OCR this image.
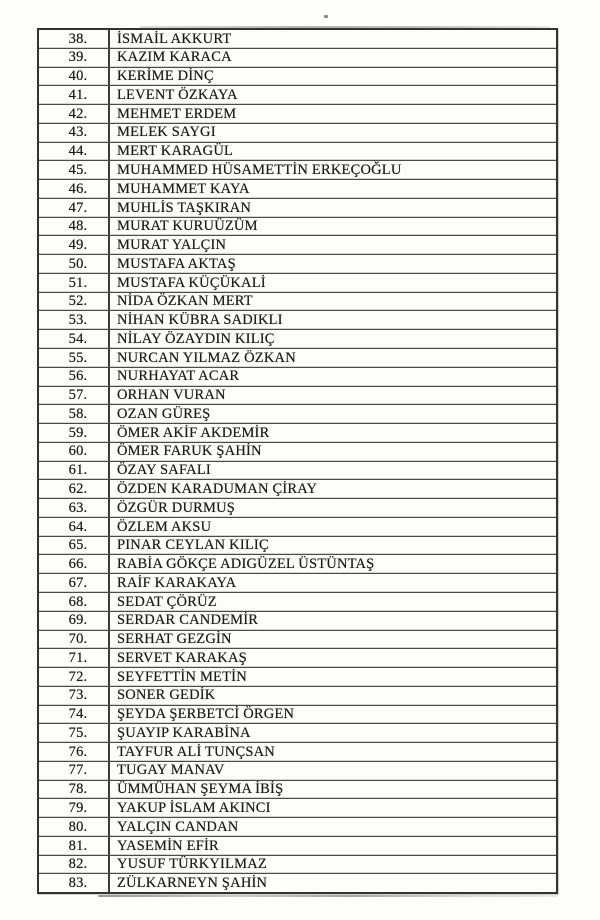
38.	İSMAİL AKKURT
39.	KAZIM KARACA
40.	KERİME DİNÇ
41.	LEVENT ÖZKAYA
42.	MEHMET ERDEM
43.	MELEK SAYGI
44.	MERT KARAGÜL
45.	MUHAMMED HÜSAMETTİN ERKEÇOĞLU
46.	MUHAMMET KAYA
47.	MUHLİS TAŞKIRAN
48.	MURAT KURUÜZÜM
49.	MURAT YALÇIN
50.	MUSTAFA AKTAŞ
51.	MUSTAFA KÜÇÜKALİ
52.	NİDA ÖZKAN MERT
53.	NİHAN KÜBRA SADIKLI
54.	NİLAY ÖZAYDIN KILIÇ
55.	NURCAN YILMAZ ÖZKAN
56.	NURHAYAT ACAR
57.	ORHAN VURAN
58.	OZAN GÜREŞ
59.	ÖMER AKİF AKDEMİR
60.	ÖMER FARUK ŞAHİN
61.	ÖZAY SAFALI
62.	ÖZDEN KARADUMAN ÇİRAY
63.	ÖZGÜR DURMUŞ
64.	ÖZLEM AKSU
65.	PINAR CEYLAN KILIÇ
66.	RABİA GÖKÇE ADIGÜZEL ÜSTÜNTAŞ
67.	RAİF KARAKAYA
68.	SEDAT ÇÖRÜZ
69.	SERDAR CANDEMİR
70.	SERHAT GEZGİN
71.	SERVET KARAKAŞ
72.	SEYFETTİN METİN
73.	SONER GEDİK
74.	ŞEYDA ŞERBETCİ ÖRGEN
75.	ŞUAYIP KARABİNA
76.	TAYFUR ALİ TUNÇSAN
77.	TUGAY MANAV
78.	ÜMMÜHAN ŞEYMA İBİŞ
79.	YAKUP İSLAM AKINCI
80.	YALÇIN CANDAN
81.	YASEMİN EFİR
82.	YUSUF TÜRKYILMAZ
83.	ZÜLKARNEYN ŞAHİN
